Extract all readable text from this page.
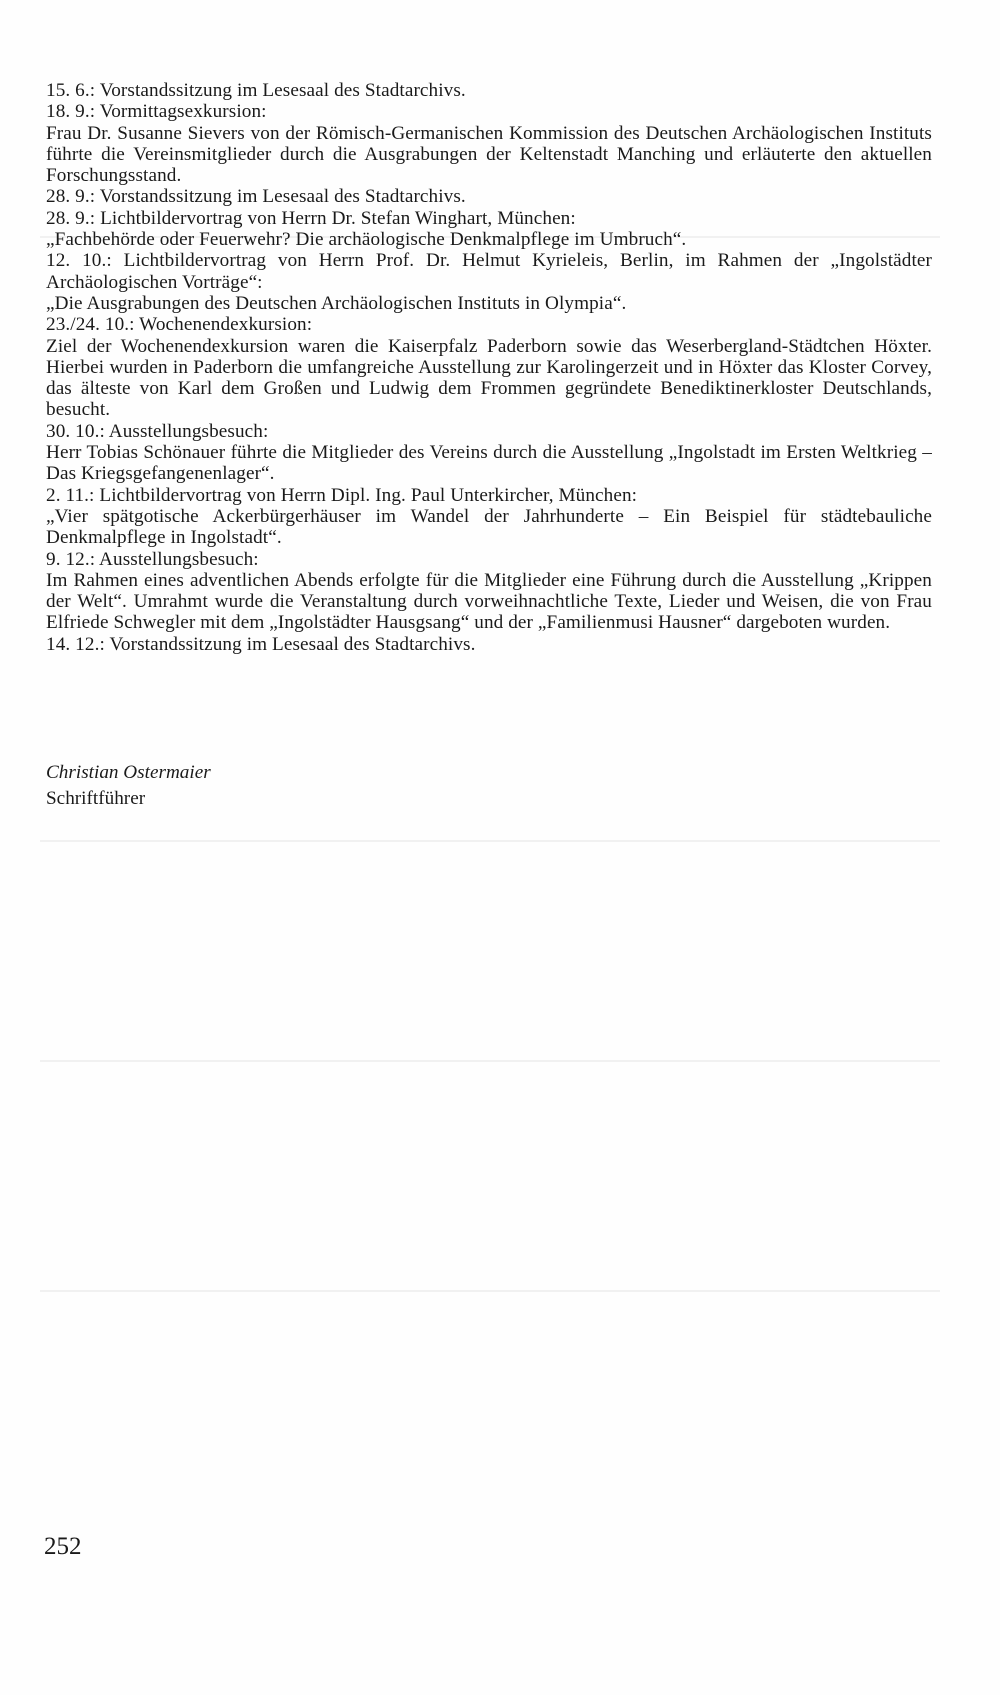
15. 6.: Vorstandssitzung im Lesesaal des Stadtarchivs.

18. 9.: Vormittagsexkursion:

Frau Dr. Susanne Sievers von der Römisch-Germanischen Kommission des Deutschen Archäologischen Instituts führte die Vereinsmitglieder durch die Ausgrabungen der Keltenstadt Manching und erläuterte den aktuellen Forschungsstand.

28. 9.: Vorstandssitzung im Lesesaal des Stadtarchivs.

28. 9.: Lichtbildervortrag von Herrn Dr. Stefan Winghart, München:

„Fachbehörde oder Feuerwehr? Die archäologische Denkmalpflege im Umbruch“.

12. 10.: Lichtbildervortrag von Herrn Prof. Dr. Helmut Kyrieleis, Berlin, im Rahmen der „Ingolstädter Archäologischen Vorträge“:

„Die Ausgrabungen des Deutschen Archäologischen Instituts in Olympia“.

23./24. 10.: Wochenendexkursion:

Ziel der Wochenendexkursion waren die Kaiserpfalz Paderborn sowie das Weserbergland-Städtchen Höxter. Hierbei wurden in Paderborn die umfangreiche Ausstellung zur Karolingerzeit und in Höxter das Kloster Corvey, das älteste von Karl dem Großen und Ludwig dem Frommen gegründete Benediktinerkloster Deutschlands, besucht.

30. 10.: Ausstellungsbesuch:

Herr Tobias Schönauer führte die Mitglieder des Vereins durch die Ausstellung „Ingolstadt im Ersten Weltkrieg – Das Kriegsgefangenenlager“.

2. 11.: Lichtbildervortrag von Herrn Dipl. Ing. Paul Unterkircher, München:

„Vier spätgotische Ackerbürgerhäuser im Wandel der Jahrhunderte – Ein Beispiel für städtebauliche Denkmalpflege in Ingolstadt“.

9. 12.: Ausstellungsbesuch:

Im Rahmen eines adventlichen Abends erfolgte für die Mitglieder eine Führung durch die Ausstellung „Krippen der Welt“. Umrahmt wurde die Veranstaltung durch vorweihnachtliche Texte, Lieder und Weisen, die von Frau Elfriede Schwegler mit dem „Ingolstädter Hausgsang“ und der „Familienmusi Hausner“ dargeboten wurden.

14. 12.: Vorstandssitzung im Lesesaal des Stadtarchivs.

Christian Ostermaier
Schriftführer
252
